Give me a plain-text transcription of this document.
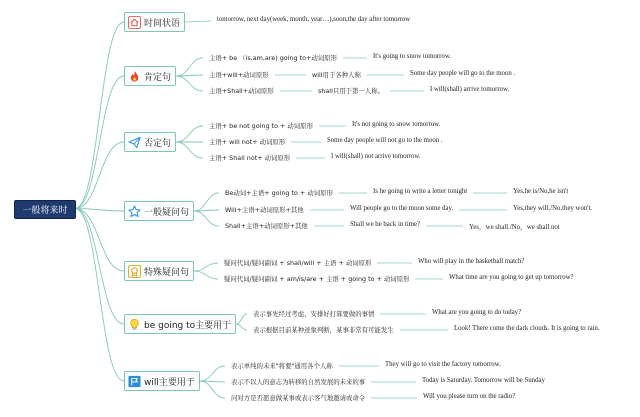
一般将来时
时间状语	tomorrow, next day(week, month, year…),soon,the day after tomorrow
肯定句
主语+ be （is,am,are) going to+动词原形	It's going to snow tomorrow.
主语+will+动词原形	will用于各种人称	Some day people will go to the moon .
主语+Shall+动词原形	shall只用于第一人称。	I will(shall) arrive tomorrow.
否定句
主语+ be not going to + 动词原形	It's not going to snow tomorrow.
主语+ will not+ 动词原形	Some day people will not go to the moon .
主语+ Shall not+ 动词原形	I will(shall) not arrive tomorrow.
一般疑问句
Be动词+主语+ going to + 动词原形	Is he going to write a letter tonight	Yes,he is/No,he isn't
Will+主语+动词原形+其他	Will people go to the moon some day.	Yes,they will./No,they won't.
Shall+主语+动词原形+其他	Shall we be back in time?	Yes，we shall./No，we shall not
特殊疑问句
疑问代词/疑问副词 + shall/will + 主语 + 动词原形	Who will play in the basketball match?
疑问代词/疑问副词 + am/is/are + 主语 + going to + 动词原形	What time are you going to get up tomorrow?
be going to主要用于
表示事先经过考虑、安排好打算要做的事情	What are you going to do today?
表示根据目前某种迹象判断，某事非常有可能发生	Look! There come the dark clouds. It is going to rain.
will主要用于
表示单纯的未来"将要"通用各个人称	They will go to visit the factory tomorrow.
表示不以人的意志为转移的自然发展的未来的事	Today is Saturday. Tomorrow will be Sunday
问对方是否愿意做某事或表示客气地邀请或命令	Will you please turn on the radio?
